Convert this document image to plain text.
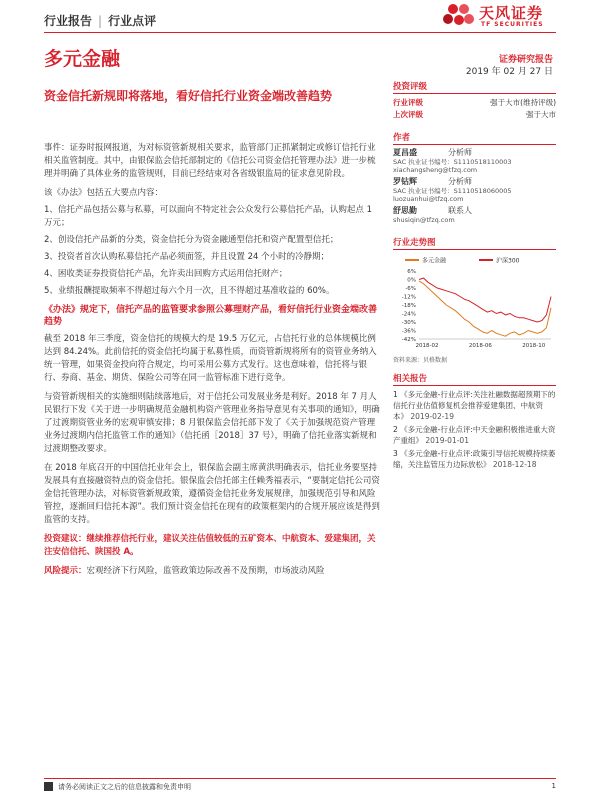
行业报告 | 行业点评	天风证券
TF SECURITIES
多元金融	证券研究报告
2019 年 02 月 27 日
资金信托新规即将落地，看好信托行业资金端改善趋势

事件：证券时报网报道，为对标资管新规相关要求，监管部门正抓紧制定或修订信托行业相关监管制度。其中，由银保监会信托部制定的《信托公司资金信托管理办法》进一步梳理并明确了具体业务的监管规则，目前已经结束对各省级银监局的征求意见阶段。

该《办法》包括五大要点内容：

1、信托产品包括公募与私募，可以面向不特定社会公众发行公募信托产品，认购起点 1 万元；

2、创设信托产品新的分类，资金信托分为资金融通型信托和资产配置型信托；

3、投资者首次认购私募信托产品必须面签，并且设置 24 个小时的冷静期；

4、困收类证券投资信托产品，允许卖出回购方式运用信托财产；

5、业绩报酬提取频率不得超过每六个月一次，且不得超过基准收益的 60%。

《办法》规定下，信托产品的监管要求参照公募理财产品，看好信托行业资金端改善趋势

截至 2018 年三季度，资金信托的规模大约是 19.5 万亿元，占信托行业的总体规模比例达到 84.24%。此前信托的资金信托均属于私募性质，而资管新规将所有的资管业务纳入统一管理，如果资金投向符合规定，均可采用公募方式发行。这也意味着，信托将与银行、券商、基金、期货、保险公司等在同一监管标准下进行竞争。

与资管新规相关的实施细则陆续落地后，对于信托公司发展业务是利好。2018 年 7 月人民银行下发《关于进一步明确规范金融机构资产管理业务指导意见有关事项的通知》，明确了过渡期资管业务的宏观审慎安排；8 月银保监会信托部下发了《关于加强规范资产管理业务过渡期内信托监管工作的通知》（信托函［2018］37 号），明确了信托业落实新规和过渡期整改要求。

在 2018 年底召开的中国信托业年会上，银保监会副主席黄洪明确表示，信托业务要坚持发展具有直接融资特点的资金信托。银保监会信托部主任赖秀福表示，“要制定信托公司资金信托管理办法，对标资管新规政策，遵循资金信托业务发展规律，加强规范引导和风险管控，逐渐回归信托本源”。我们预计资金信托在现有的政策框架内的合规开展应该是得到监管的支持。

投资建议：继续推荐信托行业，建议关注估值较低的五矿资本、中航资本、爱建集团，关注安信信托、陕国投 A。

风险提示：宏观经济下行风险，监管政策边际改善不及预期，市场波动风险

投资评级
行业评级	强于大市(维持评级)
上次评级	强于大市
作者
夏昌盛	分析师
SAC 执业证书编号：S1110518110003
xiachangsheng@tfzq.com
罗钻辉	分析师
SAC 执业证书编号：S1110518060005
luozuanhui@tfzq.com
舒思勤	联系人
shusiqin@tfzq.com
行业走势图
多元金融	沪深300
6%
0%
-6%
-12%
-18%
-24%
-30%
-36%
-42%
2018-02	2018-06	2018-10
资料来源：贝格数据
相关报告
1 《多元金融-行业点评:关注社融数据超预期下的信托行业估值修复机会推荐爱建集团、中航资本》 2019-02-19
2 《多元金融-行业点评:中天金融积极推进重大资产重组》 2019-01-01
3 《多元金融-行业点评:政策引导信托规模持续萎缩，关注监管压力边际放松》 2018-12-18
请务必阅读正文之后的信息披露和免责申明	1
